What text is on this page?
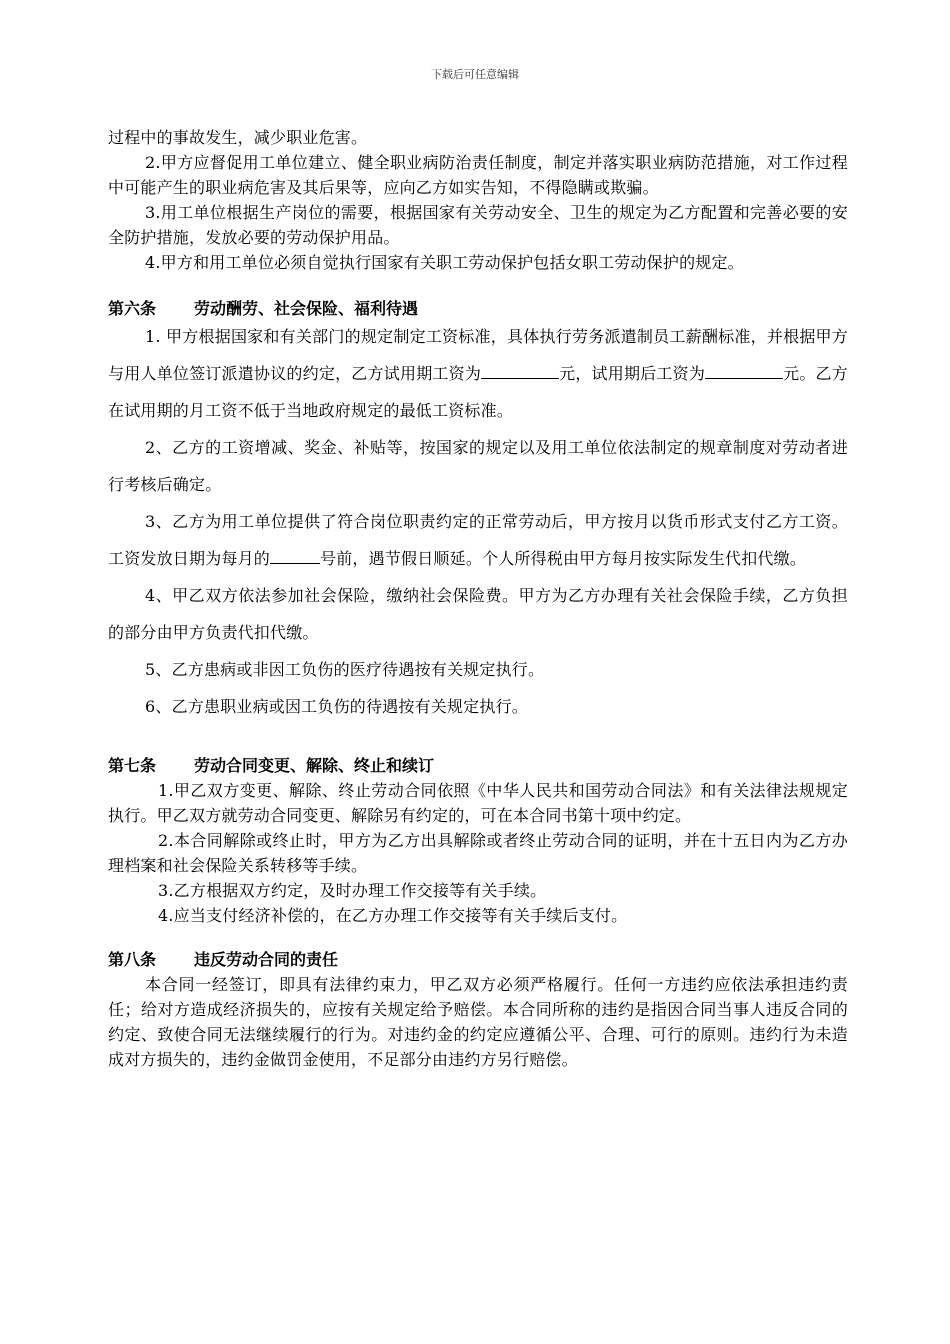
下载后可任意编辑

过程中的事故发生，减少职业危害。

2.甲方应督促用工单位建立、健全职业病防治责任制度，制定并落实职业病防范措施，对工作过程中可能产生的职业病危害及其后果等，应向乙方如实告知，不得隐瞒或欺骗。

3.用工单位根据生产岗位的需要，根据国家有关劳动安全、卫生的规定为乙方配置和完善必要的安全防护措施，发放必要的劳动保护用品。

4.甲方和用工单位必须自觉执行国家有关职工劳动保护包括女职工劳动保护的规定。

第六条 劳动酬劳、社会保险、福利待遇

1. 甲方根据国家和有关部门的规定制定工资标准，具体执行劳务派遣制员工薪酬标准，并根据甲方与用人单位签订派遣协议的约定，乙方试用期工资为	元，试用期后工资为	元。乙方在试用期的月工资不低于当地政府规定的最低工资标准。

2、乙方的工资增减、奖金、补贴等，按国家的规定以及用工单位依法制定的规章制度对劳动者进行考核后确定。

3、乙方为用工单位提供了符合岗位职责约定的正常劳动后，甲方按月以货币形式支付乙方工资。工资发放日期为每月的	号前，遇节假日顺延。个人所得税由甲方每月按实际发生代扣代缴。

4、甲乙双方依法参加社会保险，缴纳社会保险费。甲方为乙方办理有关社会保险手续，乙方负担的部分由甲方负责代扣代缴。

5、乙方患病或非因工负伤的医疗待遇按有关规定执行。

6、乙方患职业病或因工负伤的待遇按有关规定执行。

第七条 劳动合同变更、解除、终止和续订

1.甲乙双方变更、解除、终止劳动合同依照《中华人民共和国劳动合同法》和有关法律法规规定执行。甲乙双方就劳动合同变更、解除另有约定的，可在本合同书第十项中约定。

2.本合同解除或终止时，甲方为乙方出具解除或者终止劳动合同的证明，并在十五日内为乙方办理档案和社会保险关系转移等手续。

3.乙方根据双方约定，及时办理工作交接等有关手续。

4.应当支付经济补偿的，在乙方办理工作交接等有关手续后支付。

第八条 违反劳动合同的责任

本合同一经签订，即具有法律约束力，甲乙双方必须严格履行。任何一方违约应依法承担违约责任；给对方造成经济损失的，应按有关规定给予赔偿。本合同所称的违约是指因合同当事人违反合同的约定、致使合同无法继续履行的行为。对违约金的约定应遵循公平、合理、可行的原则。违约行为未造成对方损失的，违约金做罚金使用，不足部分由违约方另行赔偿。
